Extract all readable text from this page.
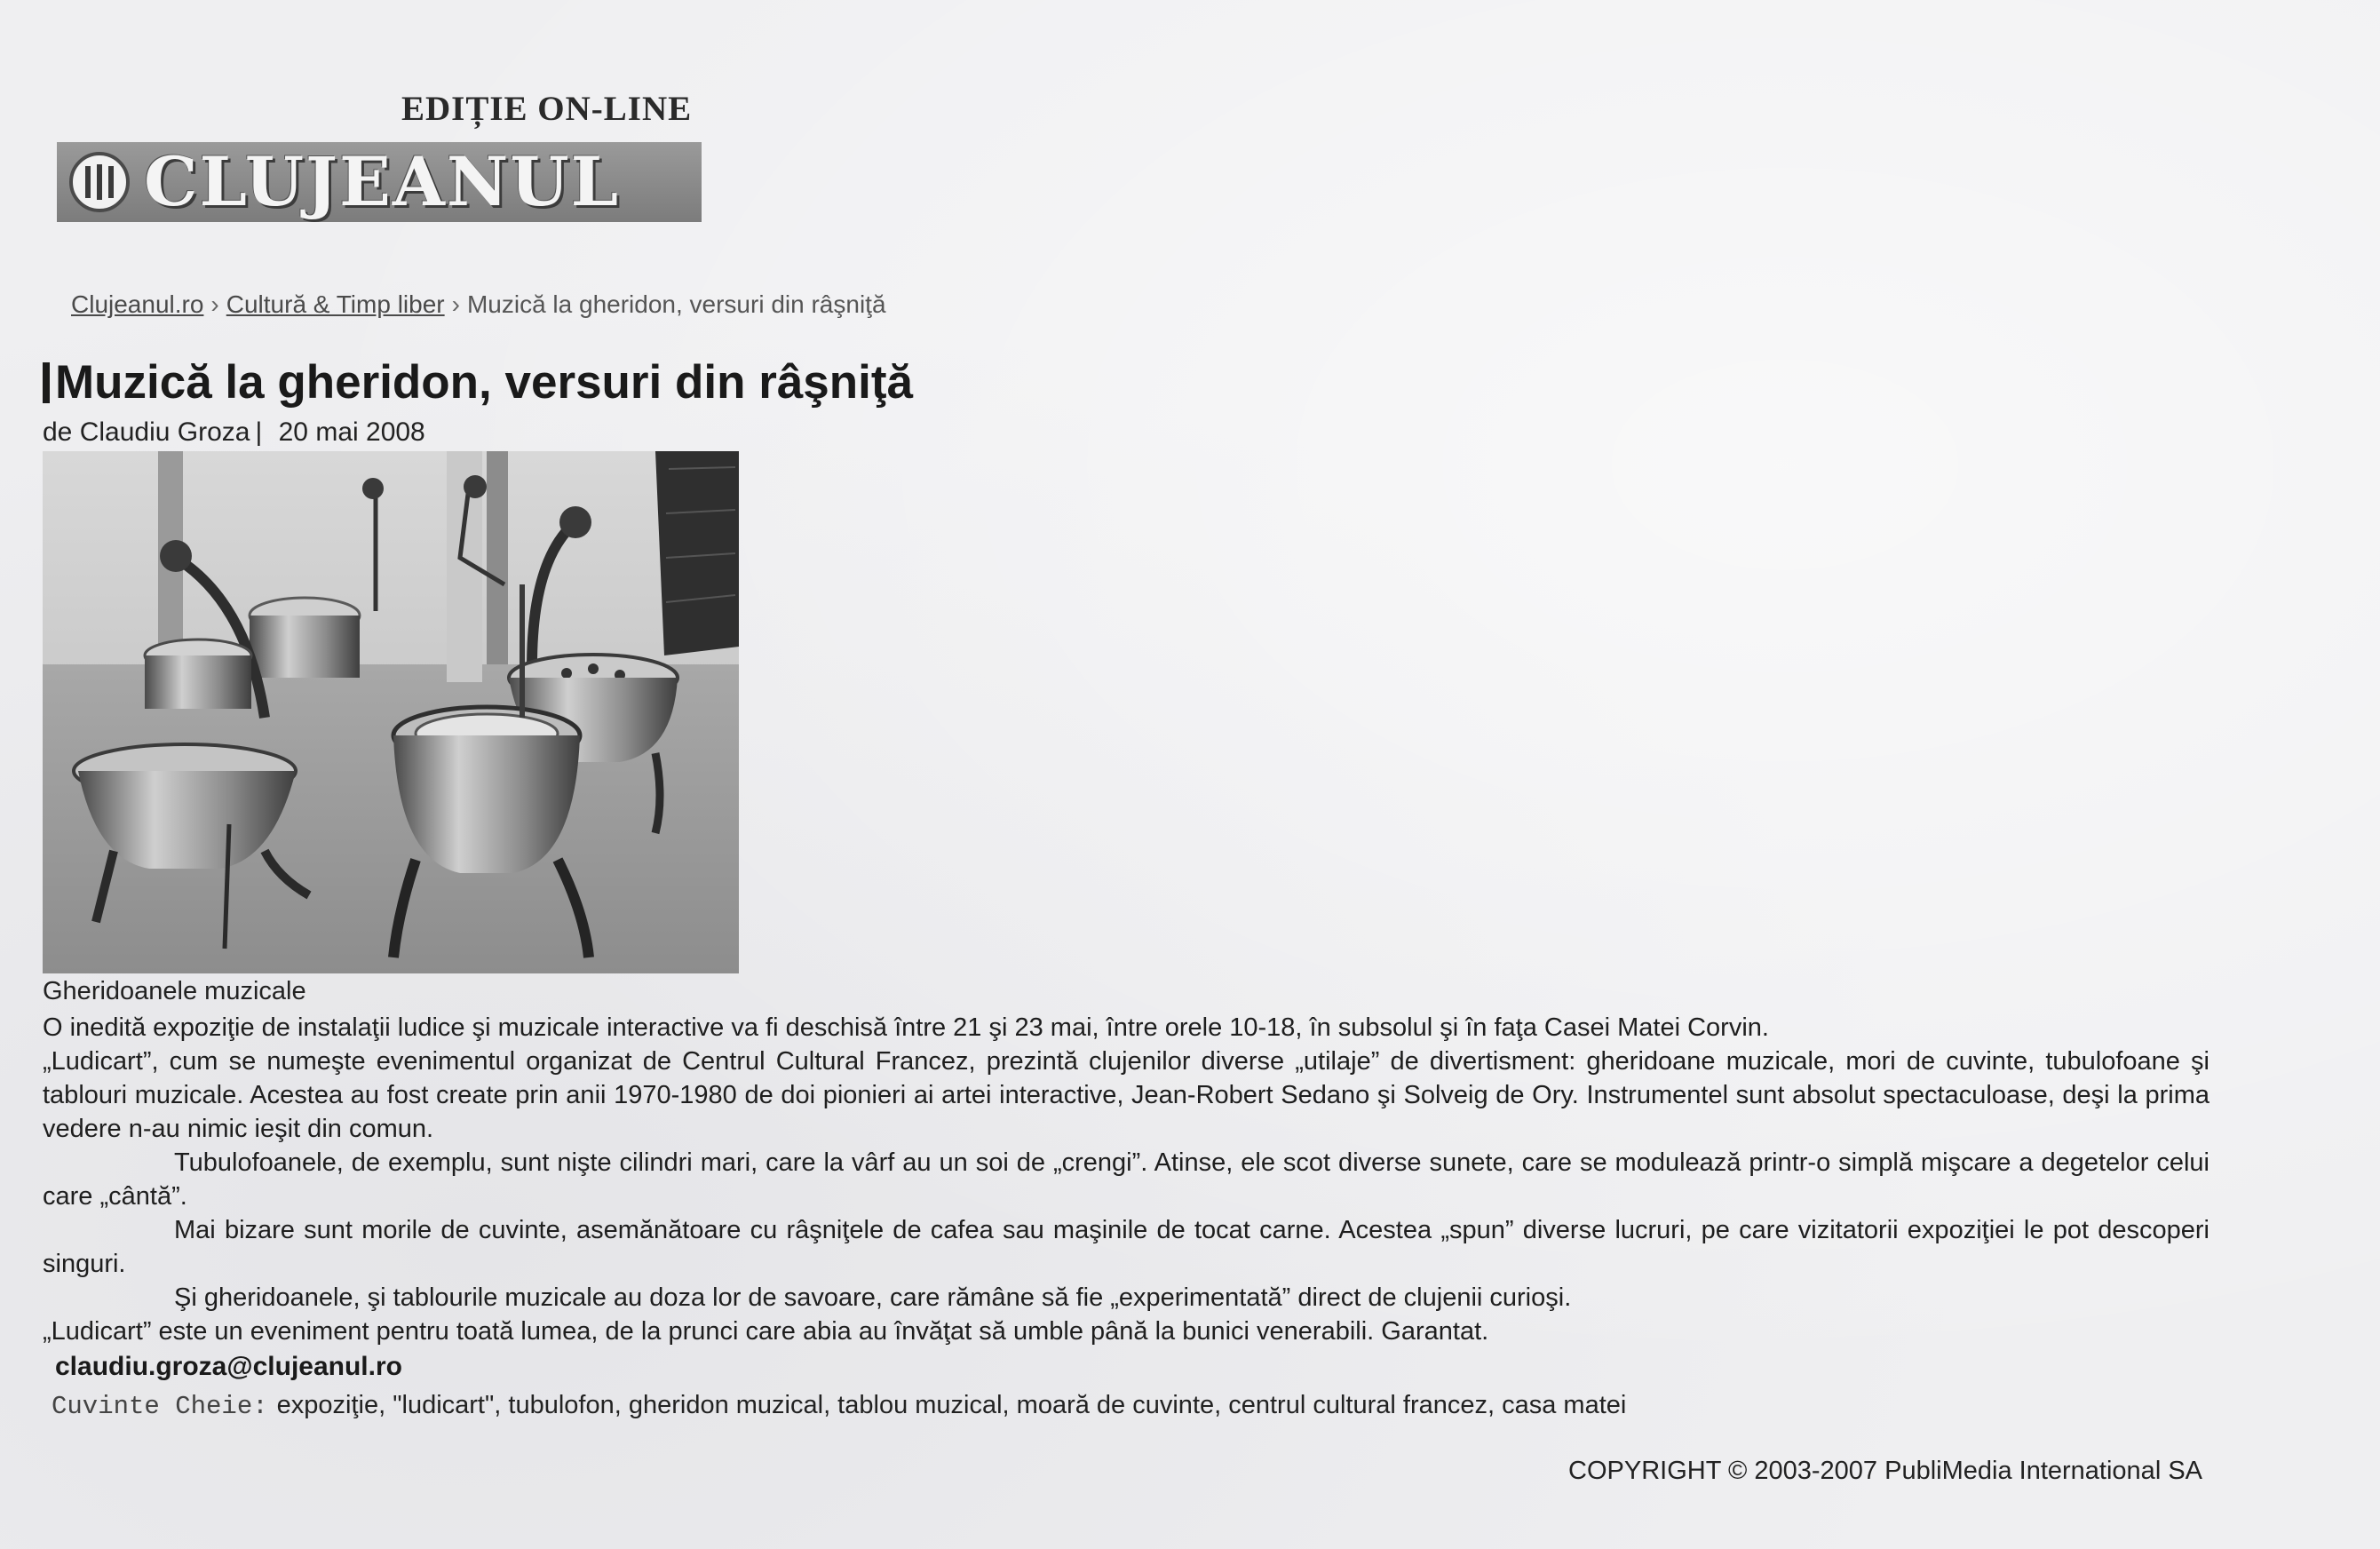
EDIȚIE ON-LINE
CLUJEANUL
Clujeanul.ro › Cultură & Timp liber › Muzică la gheridon, versuri din râşniţă
Muzică la gheridon, versuri din râşniţă
de Claudiu Groza | 20 mai 2008
Gheridoanele muzicale

O inedită expoziţie de instalaţii ludice şi muzicale interactive va fi deschisă între 21 şi 23 mai, între orele 10-18, în subsolul şi în faţa Casei Matei Corvin.

„Ludicart”, cum se numeşte evenimentul organizat de Centrul Cultural Francez, prezintă clujenilor diverse „utilaje” de divertisment: gheridoane muzicale, mori de cuvinte, tubulofoane şi tablouri muzicale. Acestea au fost create prin anii 1970-1980 de doi pionieri ai artei interactive, Jean-Robert Sedano şi Solveig de Ory. Instrumentel sunt absolut spectaculoase, deşi la prima vedere n-au nimic ieşit din comun.

Tubulofoanele, de exemplu, sunt nişte cilindri mari, care la vârf au un soi de „crengi”. Atinse, ele scot diverse sunete, care se modulează printr-o simplă mişcare a degetelor celui care „cântă”.

Mai bizare sunt morile de cuvinte, asemănătoare cu râşniţele de cafea sau maşinile de tocat carne. Acestea „spun” diverse lucruri, pe care vizitatorii expoziţiei le pot descoperi singuri.

Şi gheridoanele, şi tablourile muzicale au doza lor de savoare, care rămâne să fie „experimentată” direct de clujenii curioşi.

„Ludicart” este un eveniment pentru toată lumea, de la prunci care abia au învăţat să umble până la bunici venerabili. Garantat.

claudiu.groza@clujeanul.ro
Cuvinte Cheie: expoziţie, "ludicart", tubulofon, gheridon muzical, tablou muzical, moară de cuvinte, centrul cultural francez, casa matei
COPYRIGHT © 2003-2007 PubliMedia International SA
